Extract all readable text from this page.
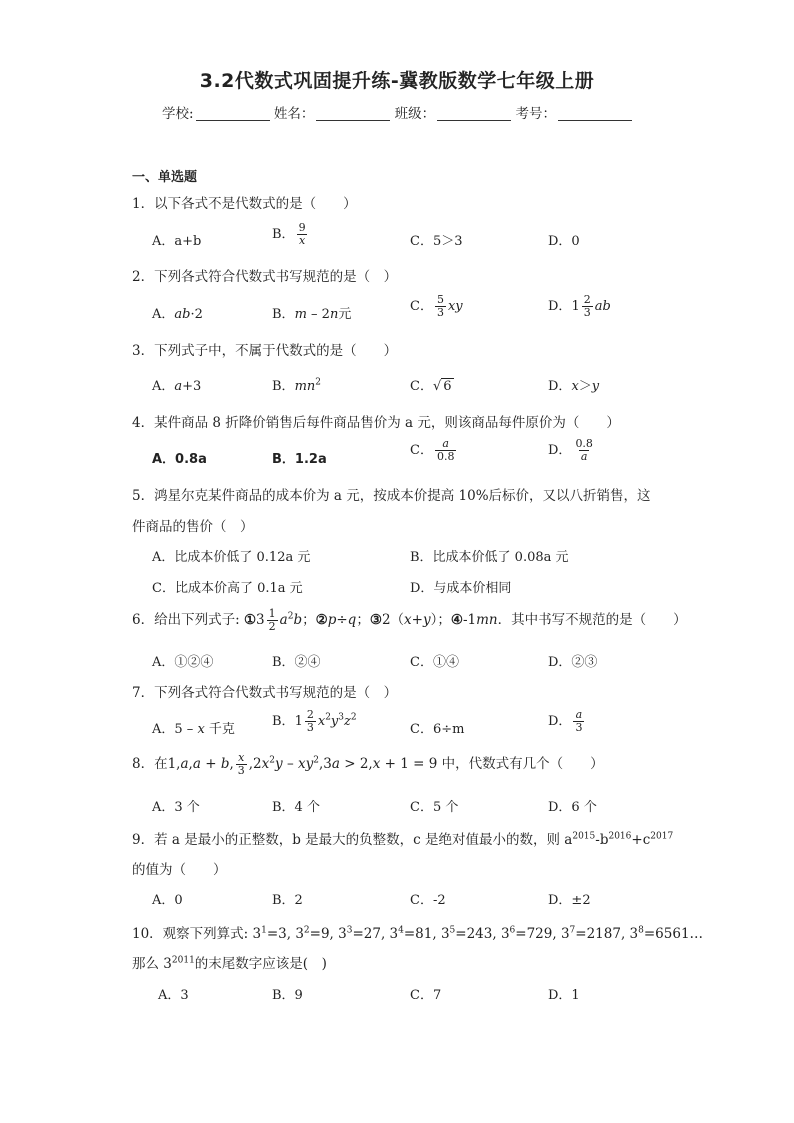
3.2代数式巩固提升练-冀教版数学七年级上册
学校:	姓名：	班级：	考号：
一、单选题
1．以下各式不是代数式的是（　　）
A．a+b	B． $\frac{9}{x}$	C．5＞3	D．0
2．下列各式符合代数式书写规范的是（　）
A．ab·2	B．m – 2n元
C． $\frac{5}{3}$ xy	D．$1 \frac{2}{3}$ ab
3．下列式子中，不属于代数式的是（　　）
A．a+3	B．$mn^2$	C．√ 6	D．x＞y
4．某件商品 8 折降价销售后每件商品售价为 a 元，则该商品每件原价为（　　）
A．0.8a	B．1.2a
C． $\frac{a}{0.8}$	D． $\frac{0.8}{a}$
5．鸿星尔克某件商品的成本价为 a 元，按成本价提高 10%后标价，又以八折销售，这
件商品的售价（　）
A．比成本价低了 0.12a 元	B．比成本价低了 0.08a 元
C．比成本价高了 0.1a 元	D．与成本价相同
6．给出下列式子: ①3 $\frac{1}{2} a^2b$；②p÷q；③2（x+y）；④-1mn．其中书写不规范的是（　　）
A．①②④	B．②④	C．①④	D．②③
7．下列各式符合代数式书写规范的是（　）
A．5 – x 千克
B．$1 \frac{2}{3} x^2y^3z^2$
C．6÷m
D． $\frac{a}{3}$
8．在1,a,a + b, $\frac{x}{3} ,2x^2y - xy^2,3a > 2,x + 1 = 9$ 中，代数式有几个（　　）
A．3 个	B．4 个	C．5 个	D．6 个
9．若 a 是最小的正整数，b 是最大的负整数，c 是绝对值最小的数，则 $a^{2015}-b^{2016}+c^{2017}$
的值为（　　）
A．0	B．2	C．-2	D．±2
10．观察下列算式: $3^1=3$, $3^2=9$, $3^3=27$, $3^4=81$, $3^5=243$, $3^6=729$, $3^7=2187$, $3^8=6561\dots$
那么 $3^{2011}$的末尾数字应该是(　)
A．3	B．9	C．7	D．1
